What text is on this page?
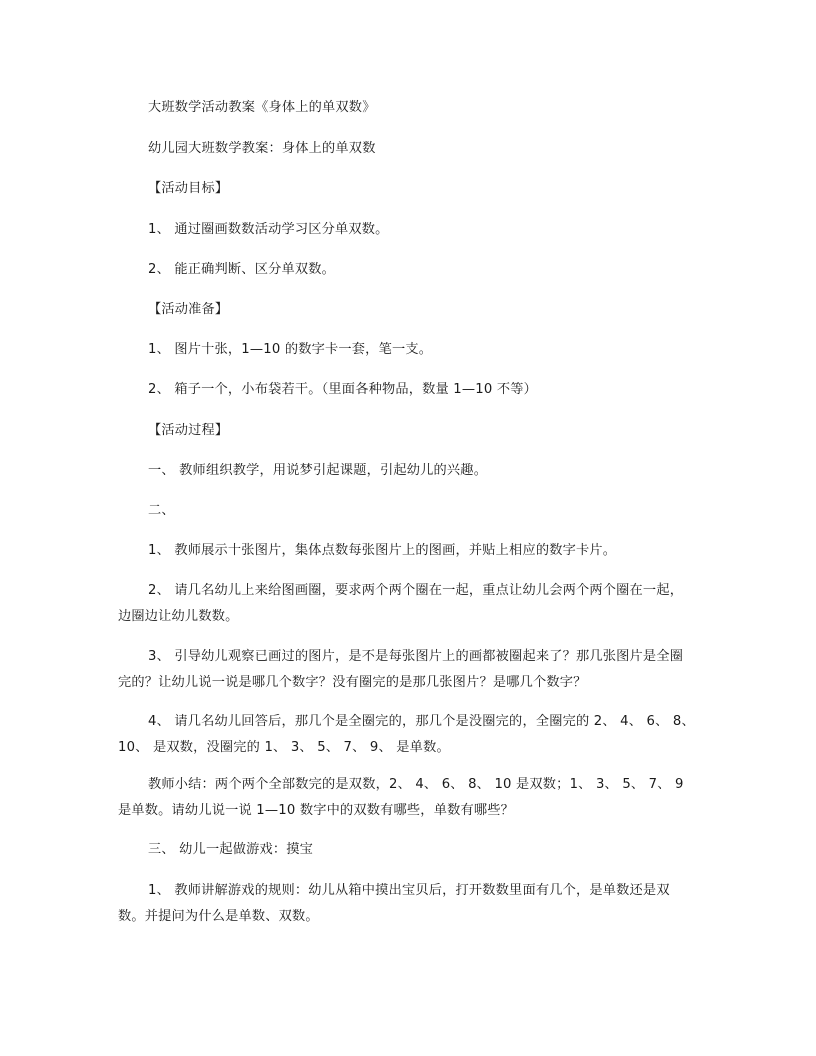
大班数学活动教案《身体上的单双数》

幼儿园大班数学教案：身体上的单双数

【活动目标】

1、 通过圈画数数活动学习区分单双数。

2、 能正确判断、区分单双数。

【活动准备】

1、 图片十张，1—10 的数字卡一套，笔一支。

2、 箱子一个，小布袋若干。（里面各种物品，数量 1—10 不等）

【活动过程】

一、 教师组织教学，用说梦引起课题，引起幼儿的兴趣。

二、

1、 教师展示十张图片，集体点数每张图片上的图画，并贴上相应的数字卡片。

2、 请几名幼儿上来给图画圈，要求两个两个圈在一起，重点让幼儿会两个两个圈在一起，边圈边让幼儿数数。

3、 引导幼儿观察已画过的图片，是不是每张图片上的画都被圈起来了？那几张图片是全圈完的？让幼儿说一说是哪几个数字？没有圈完的是那几张图片？是哪几个数字？

4、 请几名幼儿回答后，那几个是全圈完的，那几个是没圈完的，全圈完的 2、 4、 6、 8、 10、 是双数，没圈完的 1、 3、 5、 7、 9、 是单数。

教师小结：两个两个全部数完的是双数，2、 4、 6、 8、 10 是双数；1、 3、 5、 7、 9 是单数。请幼儿说一说 1—10 数字中的双数有哪些，单数有哪些？

三、 幼儿一起做游戏：摸宝

1、 教师讲解游戏的规则：幼儿从箱中摸出宝贝后，打开数数里面有几个，是单数还是双数。并提问为什么是单数、双数。
